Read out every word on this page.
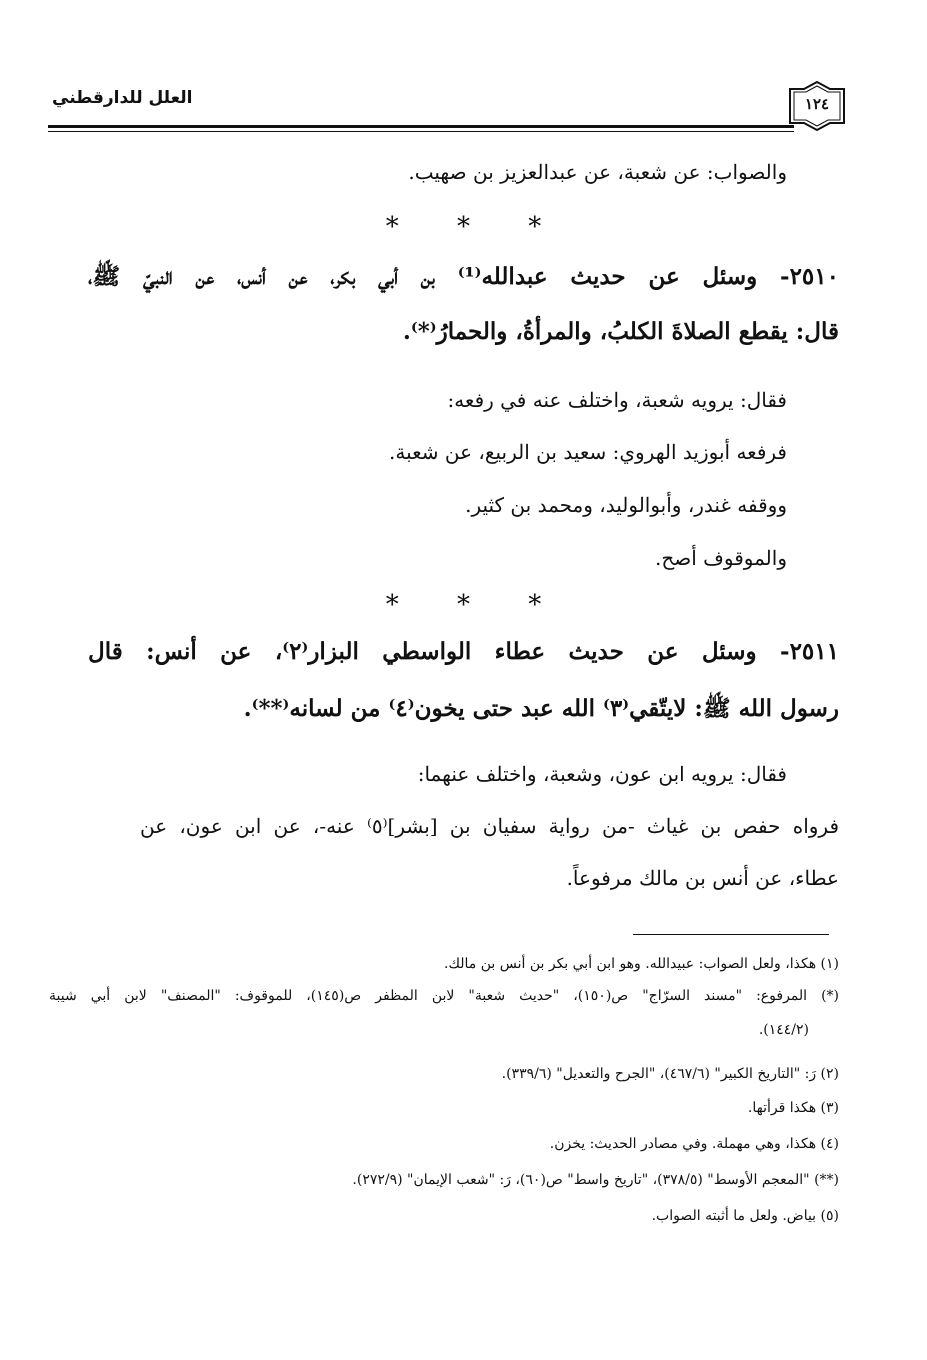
العلل للدارقطني	١٢٤
والصواب: عن شعبة، عن عبدالعزيز بن صهيب.
* * *
٢٥١٠- وسئل عن حديث عبدالله⁽¹⁾ بن أبي بكر، عن أنس، عن النبيّ ﷺ،
قال: يقطع الصلاةَ الكلبُ، والمرأةُ، والحمارُ⁽*⁾.
فقال: يرويه شعبة، واختلف عنه في رفعه:
فرفعه أبوزيد الهروي: سعيد بن الربيع، عن شعبة.
ووقفه غندر، وأبوالوليد، ومحمد بن كثير.
والموقوف أصح.
* * *
٢٥١١- وسئل عن حديث عطاء الواسطي البزار⁽٢⁾، عن أنس: قال
رسول الله ﷺ: لايتّقي⁽٣⁾ الله عبد حتى يخون⁽٤⁾ من لسانه⁽**⁾.
فقال: يرويه ابن عون، وشعبة، واختلف عنهما:
فرواه حفص بن غياث -من رواية سفيان بن [بشر]⁽٥⁾ عنه-، عن ابن عون، عن
عطاء، عن أنس بن مالك مرفوعاً.
(١) هكذا، ولعل الصواب: عبيدالله. وهو ابن أبي بكر بن أنس بن مالك.
(*) المرفوع: "مسند السرّاج" ص(١٥٠)، "حديث شعبة" لابن المظفر ص(١٤٥)، للموقوف: "المصنف" لابن أبي شيبة
(١٤٤/٢).
(٢) رَ: "التاريخ الكبير" (٤٦٧/٦)، "الجرح والتعديل" (٣٣٩/٦).
(٣) هكذا قرأتها.
(٤) هكذا، وهي مهملة. وفي مصادر الحديث: يخزن.
(**) "المعجم الأوسط" (٣٧٨/٥)، "تاريخ واسط" ص(٦٠)، رَ: "شعب الإيمان" (٢٧٢/٩).
(٥) بياض. ولعل ما أثبته الصواب.
